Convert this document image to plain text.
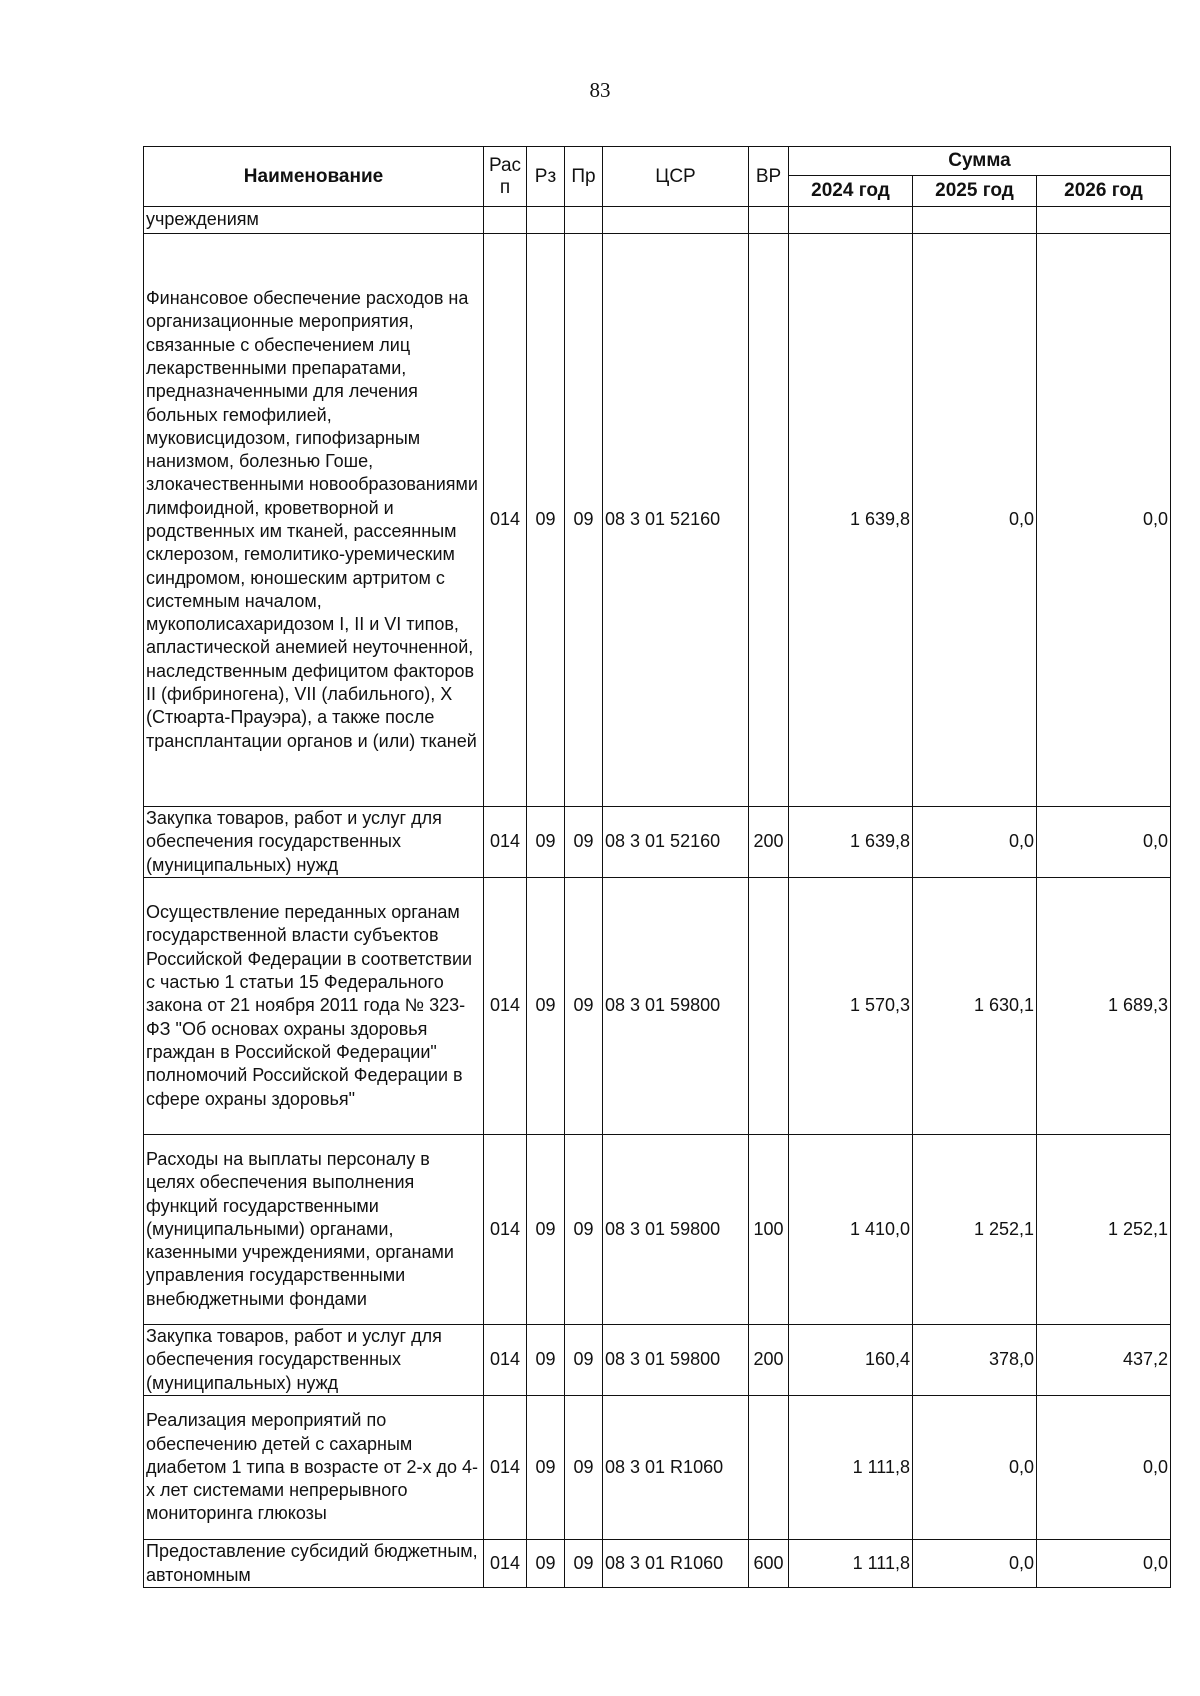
83
Наименование	Рас п	Рз	Пр	ЦСР	ВР	Сумма		
						2024 год	2025 год	2026 год
учреждениям								
Финансовое обеспечение расходов на организационные мероприятия, связанные с обеспечением лиц лекарственными препаратами, предназначенными для лечения больных гемофилией, муковисцидозом, гипофизарным нанизмом, болезнью Гоше, злокачественными новообразованиями лимфоидной, кроветворной и родственных им тканей, рассеянным склерозом, гемолитико-уремическим синдромом, юношеским артритом с системным началом, мукополисахаридозом I, II и VI типов, апластической анемией неуточненной, наследственным дефицитом факторов II (фибриногена), VII (лабильного), X (Стюарта-Прауэра), а также после трансплантации органов и (или) тканей	014	09	09	08 3 01 52160		1 639,8	0,0	0,0
Закупка товаров, работ и услуг для обеспечения государственных (муниципальных) нужд	014	09	09	08 3 01 52160	200	1 639,8	0,0	0,0
Осуществление переданных органам государственной власти субъектов Российской Федерации в соответствии с частью 1 статьи 15 Федерального закона от 21 ноября 2011 года № 323-ФЗ "Об основах охраны здоровья граждан в Российской Федерации" полномочий Российской Федерации в сфере охраны здоровья"	014	09	09	08 3 01 59800		1 570,3	1 630,1	1 689,3
Расходы на выплаты персоналу в целях обеспечения выполнения функций государственными (муниципальными) органами, казенными учреждениями, органами управления государственными внебюджетными фондами	014	09	09	08 3 01 59800	100	1 410,0	1 252,1	1 252,1
Закупка товаров, работ и услуг для обеспечения государственных (муниципальных) нужд	014	09	09	08 3 01 59800	200	160,4	378,0	437,2
Реализация мероприятий по обеспечению детей с сахарным диабетом 1 типа в возрасте от 2-х до 4-х лет системами непрерывного мониторинга глюкозы	014	09	09	08 3 01 R1060		1 111,8	0,0	0,0
Предоставление субсидий бюджетным, автономным	014	09	09	08 3 01 R1060	600	1 111,8	0,0	0,0
